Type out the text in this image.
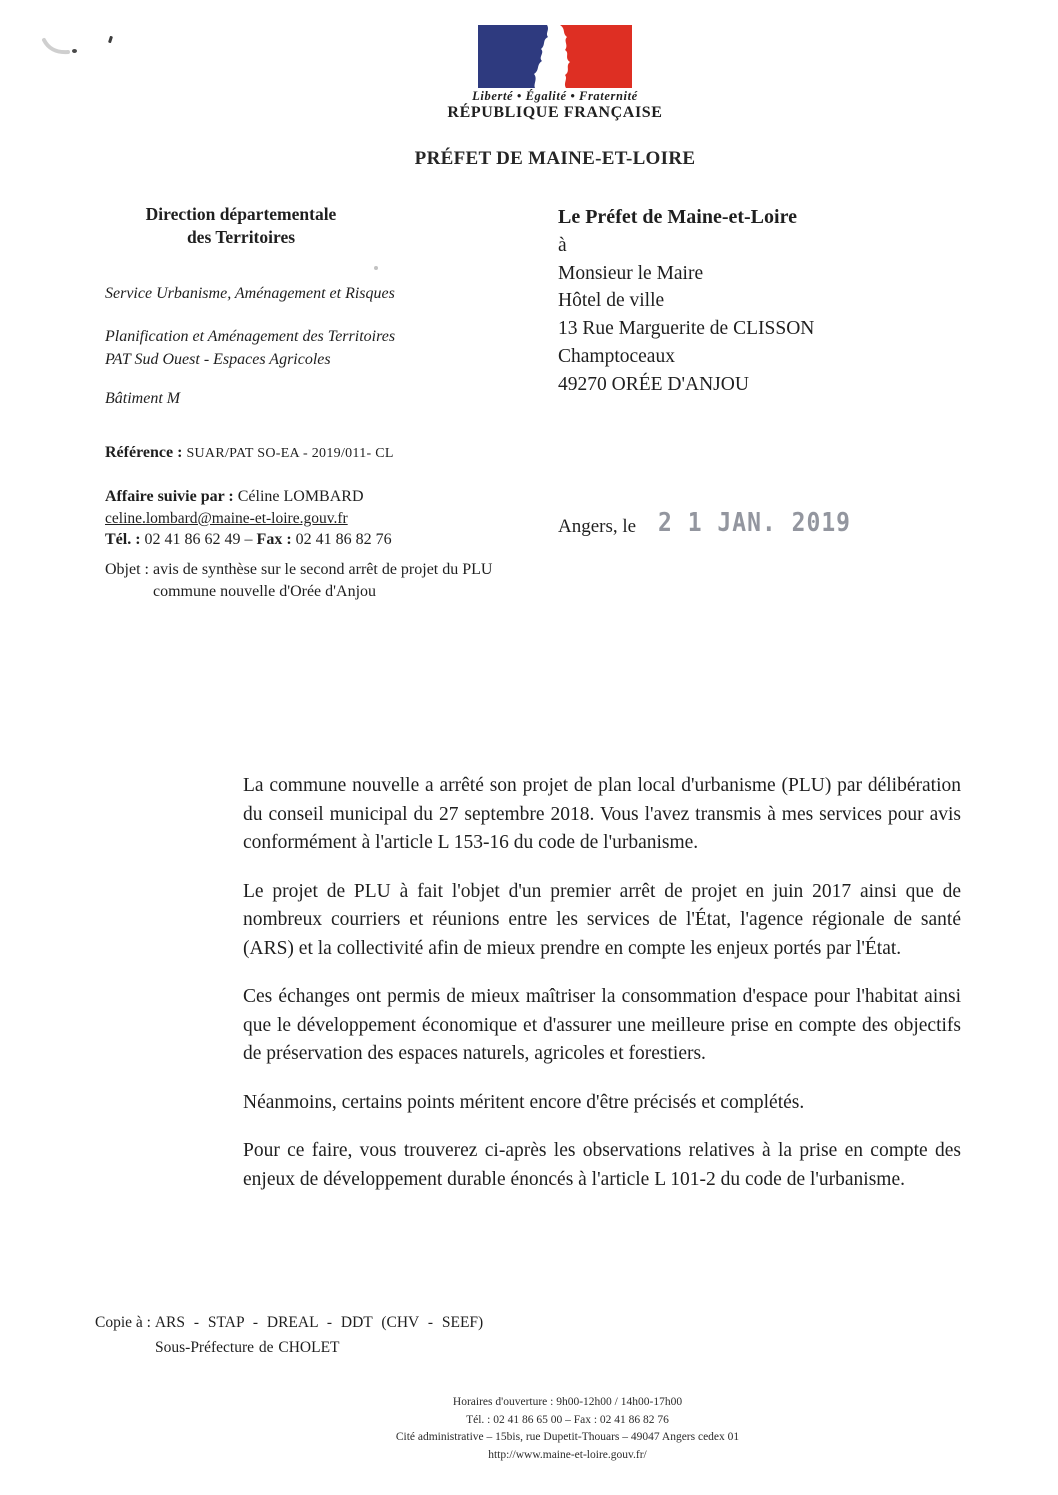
Liberté • Égalité • Fraternité
RÉPUBLIQUE FRANÇAISE
PRÉFET DE MAINE-ET-LOIRE
Direction départementale
des Territoires
Service Urbanisme, Aménagement et Risques
Planification et Aménagement des Territoires
PAT Sud Ouest - Espaces Agricoles
Bâtiment M
Référence : SUAR/PAT SO-EA - 2019/011- CL
Affaire suivie par : Céline LOMBARD
celine.lombard@maine-et-loire.gouv.fr
Tél. : 02 41 86 62 49 – Fax : 02 41 86 82 76
Objet : avis de synthèse sur le second arrêt de projet du PLU
commune nouvelle d'Orée d'Anjou
Le Préfet de Maine-et-Loire
à
Monsieur le Maire
Hôtel de ville
13 Rue Marguerite de CLISSON
Champtoceaux
49270 ORÉE D'ANJOU
Angers, le 2 1 JAN. 2019

La commune nouvelle a arrêté son projet de plan local d'urbanisme (PLU) par délibération du conseil municipal du 27 septembre 2018. Vous l'avez transmis à mes services pour avis conformément à l'article L 153-16 du code de l'urbanisme.

Le projet de PLU à fait l'objet d'un premier arrêt de projet en juin 2017 ainsi que de nombreux courriers et réunions entre les services de l'État, l'agence régionale de santé (ARS) et la collectivité afin de mieux prendre en compte les enjeux portés par l'État.

Ces échanges ont permis de mieux maîtriser la consommation d'espace pour l'habitat ainsi que le développement économique et d'assurer une meilleure prise en compte des objectifs de préservation des espaces naturels, agricoles et forestiers.

Néanmoins, certains points méritent encore d'être précisés et complétés.

Pour ce faire, vous trouverez ci-après les observations relatives à la prise en compte des enjeux de développement durable énoncés à l'article L 101-2 du code de l'urbanisme.

Copie à : ARS - STAP - DREAL - DDT (CHV - SEEF)
Sous-Préfecture de CHOLET
Horaires d'ouverture : 9h00-12h00 / 14h00-17h00
Tél. : 02 41 86 65 00 – Fax : 02 41 86 82 76
Cité administrative – 15bis, rue Dupetit-Thouars – 49047 Angers cedex 01
http://www.maine-et-loire.gouv.fr/
